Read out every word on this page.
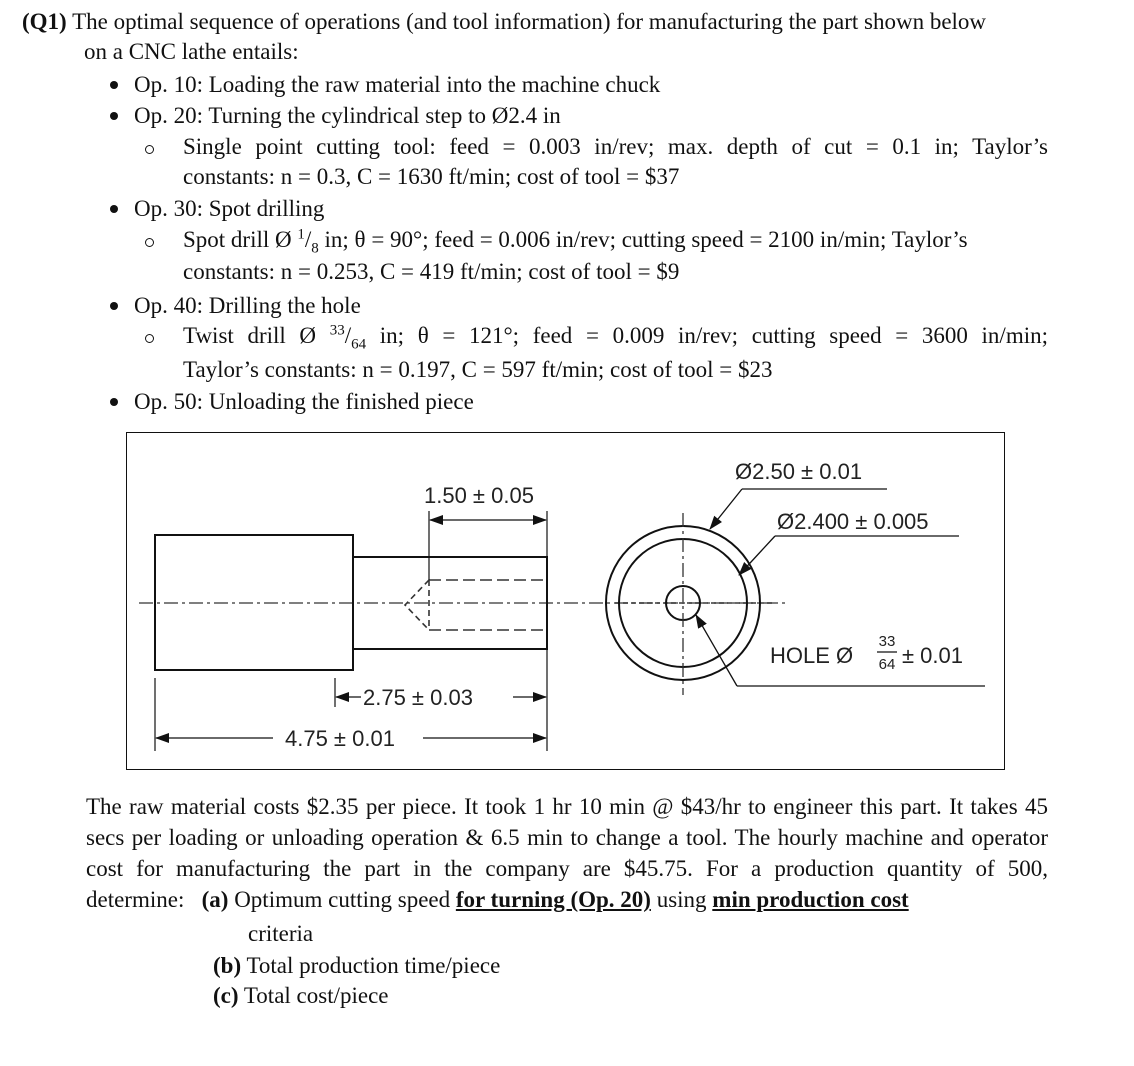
(Q1) The optimal sequence of operations (and tool information) for manufacturing the part shown below
on a CNC lathe entails:
Op. 10: Loading the raw material into the machine chuck
Op. 20: Turning the cylindrical step to Ø2.4 in
Single point cutting tool: feed = 0.003 in/rev; max. depth of cut = 0.1 in; Taylor’s
constants: n = 0.3, C = 1630 ft/min; cost of tool = $37
Op. 30: Spot drilling
Spot drill Ø $^1/_8$ in; θ = 90°; feed = 0.006 in/rev; cutting speed = 2100 in/min; Taylor’s
constants: n = 0.253, C = 419 ft/min; cost of tool = $9
Op. 40: Drilling the hole
Twist drill Ø $^{33}/_{64}$ in; θ = 121°; feed = 0.009 in/rev; cutting speed = 3600 in/min;
Taylor’s constants: n = 0.197, C = 597 ft/min; cost of tool = $23
Op. 50: Unloading the finished piece
1.50 ± 0.05
2.75 ± 0.03
4.75 ± 0.01
Ø2.50 ± 0.01
Ø2.400 ± 0.005
HOLE Ø
33
64 ± 0.01
The raw material costs $2.35 per piece. It took 1 hr 10 min @ $43/hr to engineer this part. It takes 45
secs per loading or unloading operation & 6.5 min to change a tool. The hourly machine and operator
cost for manufacturing the part in the company are $45.75. For a production quantity of 500,
determine: (a) Optimum cutting speed for turning (Op. 20) using min production cost
criteria
(b) Total production time/piece
(c) Total cost/piece
